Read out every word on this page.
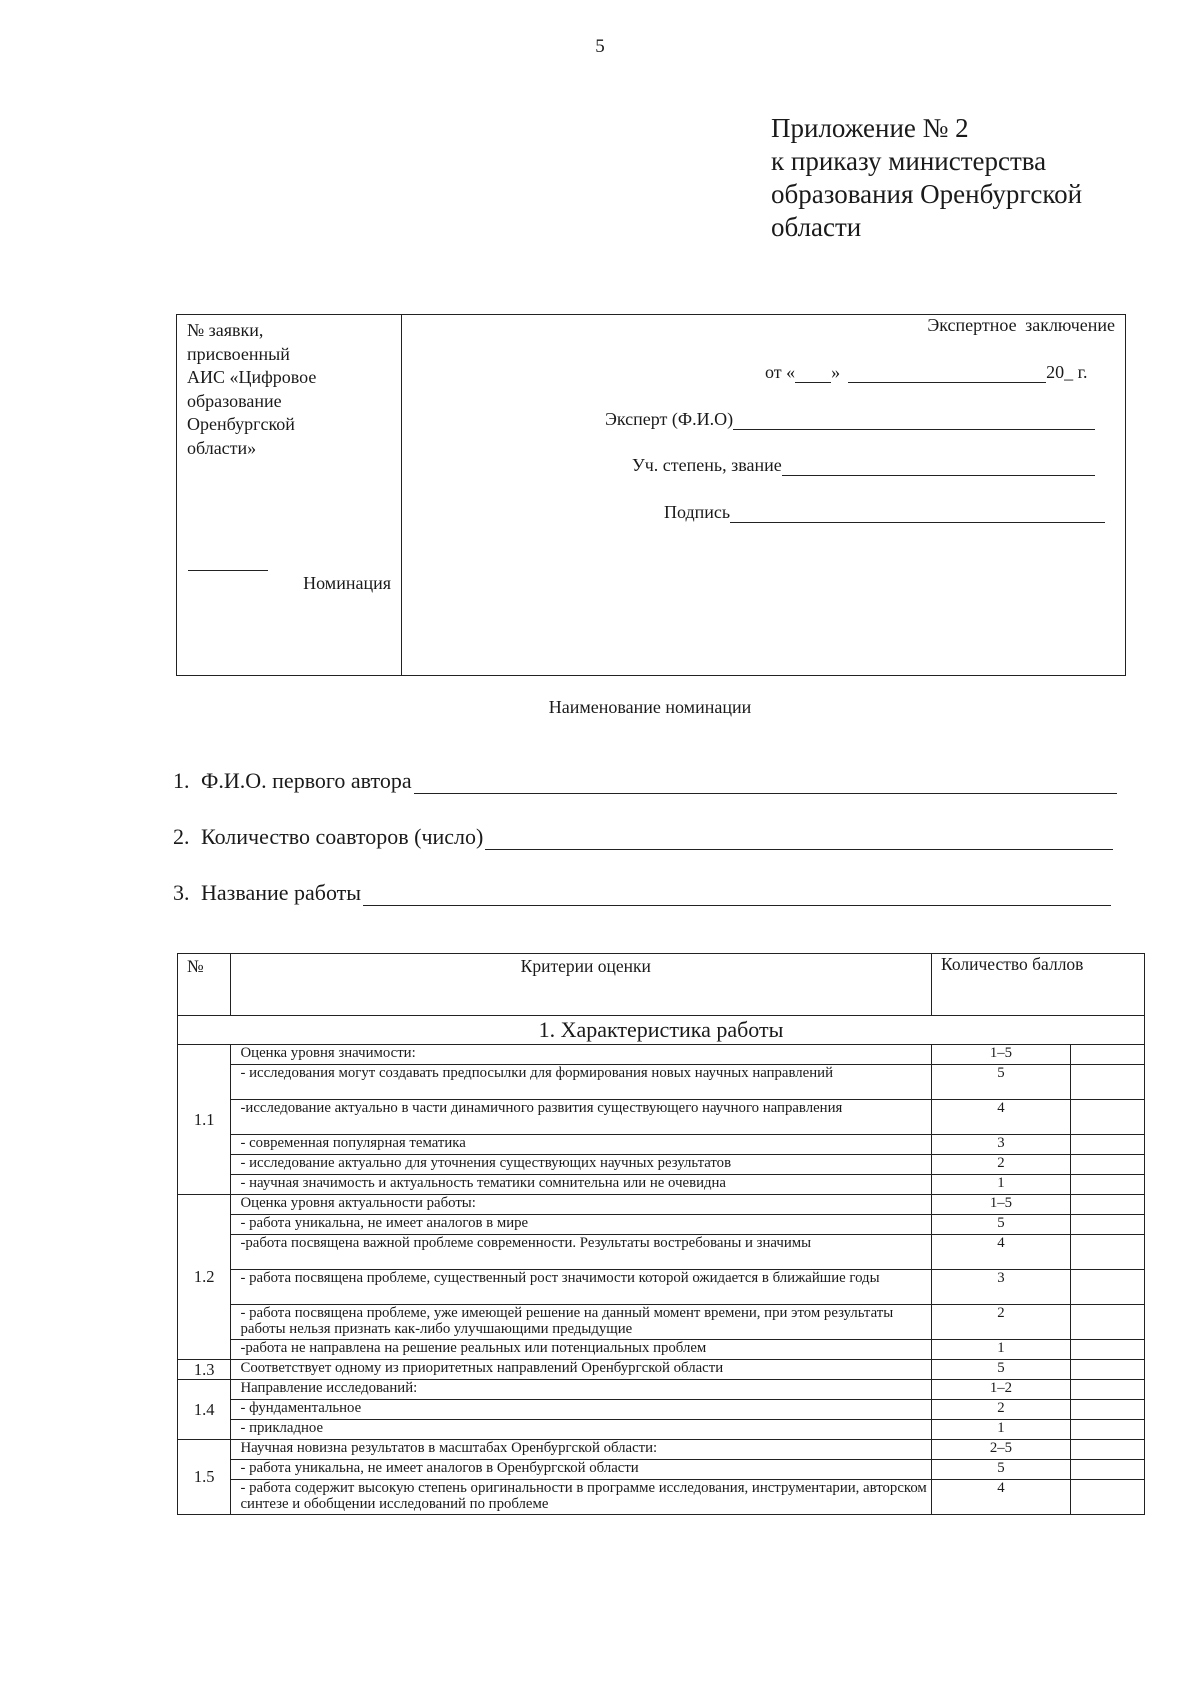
5
Приложение № 2
к приказу министерства
образования Оренбургской
области
№ заявки,
присвоенный
АИС «Цифровое
образование
Оренбургской
области»
Номинация
Экспертное заключение
от « »	20_ г.
Эксперт (Ф.И.О)
Уч. степень, звание
Подпись
Наименование номинации
1. Ф.И.О. первого автора
2. Количество соавторов (число)
3. Название работы
№	Критерии оценки	Количество баллов	
1. Характеристика работы			
1.1	Оценка уровня значимости:	1–5	
	- исследования могут создавать предпосылки для формирования новых научных направлений	5	
	-исследование актуально в части динамичного развития существующего научного направления	4	
	- современная популярная тематика	3	
	- исследование актуально для уточнения существующих научных результатов	2	
	- научная значимость и актуальность тематики сомнительна или не очевидна	1	
1.2	Оценка уровня актуальности работы:	1–5	
	- работа уникальна, не имеет аналогов в мире	5	
	-работа посвящена важной проблеме современности. Результаты востребованы и значимы	4	
	- работа посвящена проблеме, существенный рост значимости которой ожидается в ближайшие годы	3	
	- работа посвящена проблеме, уже имеющей решение на данный момент времени, при этом результаты работы нельзя признать как-либо улучшающими предыдущие	2	
	-работа не направлена на решение реальных или потенциальных проблем	1	
1.3	Соответствует одному из приоритетных направлений Оренбургской области	5	
1.4	Направление исследований:	1–2	
	- фундаментальное	2	
	- прикладное	1	
1.5	Научная новизна результатов в масштабах Оренбургской области:	2–5	
	- работа уникальна, не имеет аналогов в Оренбургской области	5	
	- работа содержит высокую степень оригинальности в программе исследования, инструментарии, авторском синтезе и обобщении исследований по проблеме	4	
